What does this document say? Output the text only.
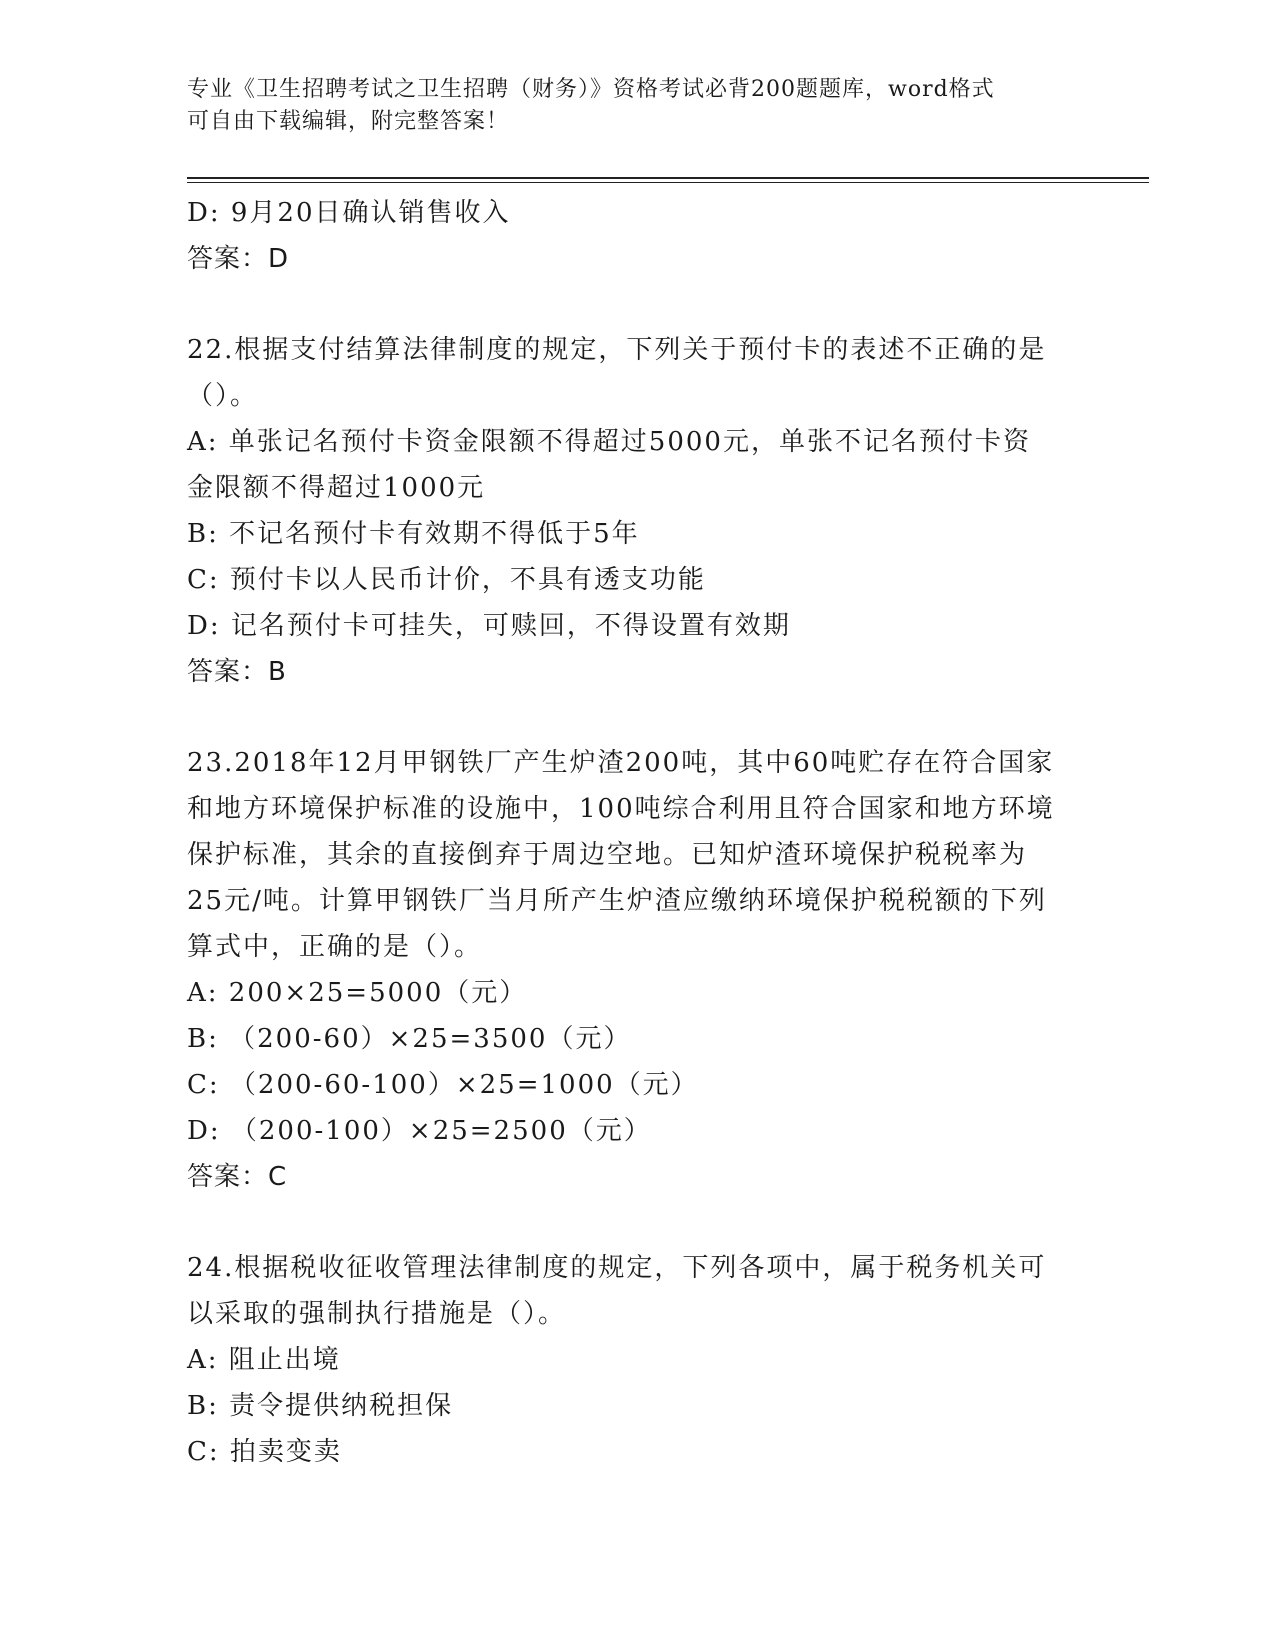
专业《卫生招聘考试之卫生招聘（财务）》资格考试必背200题题库，word格式
可自由下载编辑，附完整答案！
D: 9月20日确认销售收入
答案：D
22.根据支付结算法律制度的规定，下列关于预付卡的表述不正确的是
（）。
A: 单张记名预付卡资金限额不得超过5000元，单张不记名预付卡资
金限额不得超过1000元
B: 不记名预付卡有效期不得低于5年
C: 预付卡以人民币计价，不具有透支功能
D: 记名预付卡可挂失，可赎回，不得设置有效期
答案：B
23.2018年12月甲钢铁厂产生炉渣200吨，其中60吨贮存在符合国家
和地方环境保护标准的设施中，100吨综合利用且符合国家和地方环境
保护标准，其余的直接倒弃于周边空地。已知炉渣环境保护税税率为
25元/吨。计算甲钢铁厂当月所产生炉渣应缴纳环境保护税税额的下列
算式中，正确的是（）。
A: 200×25=5000（元）
B: （200-60）×25=3500（元）
C: （200-60-100）×25=1000（元）
D: （200-100）×25=2500（元）
答案：C
24.根据税收征收管理法律制度的规定，下列各项中，属于税务机关可
以采取的强制执行措施是（）。
A: 阻止出境
B: 责令提供纳税担保
C: 拍卖变卖
